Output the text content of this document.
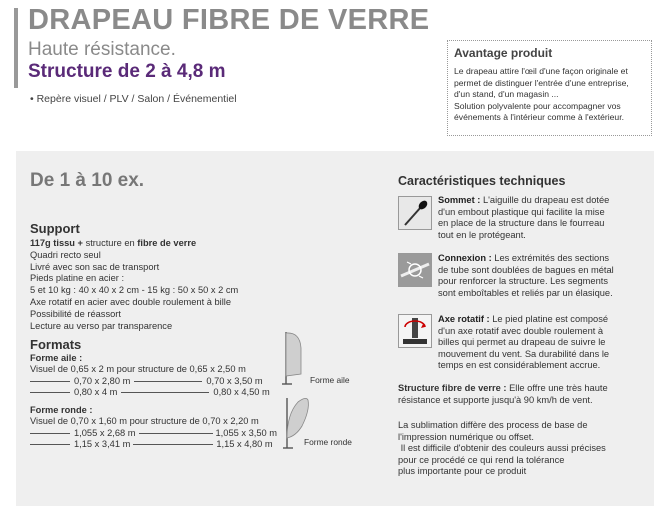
DRAPEAU FIBRE DE VERRE
Haute résistance.
Structure de 2 à 4,8 m
• Repère visuel / PLV / Salon / Événementiel
Avantage produit
Le drapeau attire l'œil d'une façon originale et
permet de distinguer l'entrée d'une entreprise,
d'un stand, d'un magasin ...
Solution polyvalente pour accompagner vos
événements à l'intérieur comme à l'extérieur.
De 1 à 10 ex.
Support
117g tissu + structure en fibre de verre
Quadri recto seul
Livré avec son sac de transport
Pieds platine en acier :
5 et 10 kg : 40 x 40 x 2 cm - 15 kg : 50 x 50 x 2 cm
Axe rotatif en acier avec double roulement à bille
Possibilité de réassort
Lecture au verso par transparence
Formats
Forme aile :
Visuel de 0,65 x 2 m pour structure de 0,65 x 2,50 m
0,70 x 2,80 m	0,70 x 3,50 m
0,80 x 4 m	0,80 x 4,50 m
Forme ronde :
Visuel de 0,70 x 1,60 m pour structure de 0,70 x 2,20 m
1,055 x 2,68 m	1,055 x 3,50 m
1,15 x 3,41 m	1,15 x 4,80 m
Forme aile
Forme ronde
Caractéristiques techniques
Sommet : L'aiguille du drapeau est dotée
d'un embout plastique qui facilite la mise
en place de la structure dans le fourreau
tout en le protégeant.
Connexion : Les extrémités des sections
de tube sont doublées de bagues en métal
pour renforcer la structure. Les segments
sont emboîtables et reliés par un élasique.
Axe rotatif : Le pied platine est composé
d'un axe rotatif avec double roulement à
billes qui permet au drapeau de suivre le
mouvement du vent. Sa durabilité dans le
temps en est considérablement accrue.
Structure fibre de verre : Elle offre une très haute
résistance et supporte jusqu'à 90 km/h de vent.
La sublimation diffère des process de base de
l'impression numérique ou offset.
Il est difficile d'obtenir des couleurs aussi précises
pour ce procédé ce qui rend la tolérance
plus importante pour ce produit
